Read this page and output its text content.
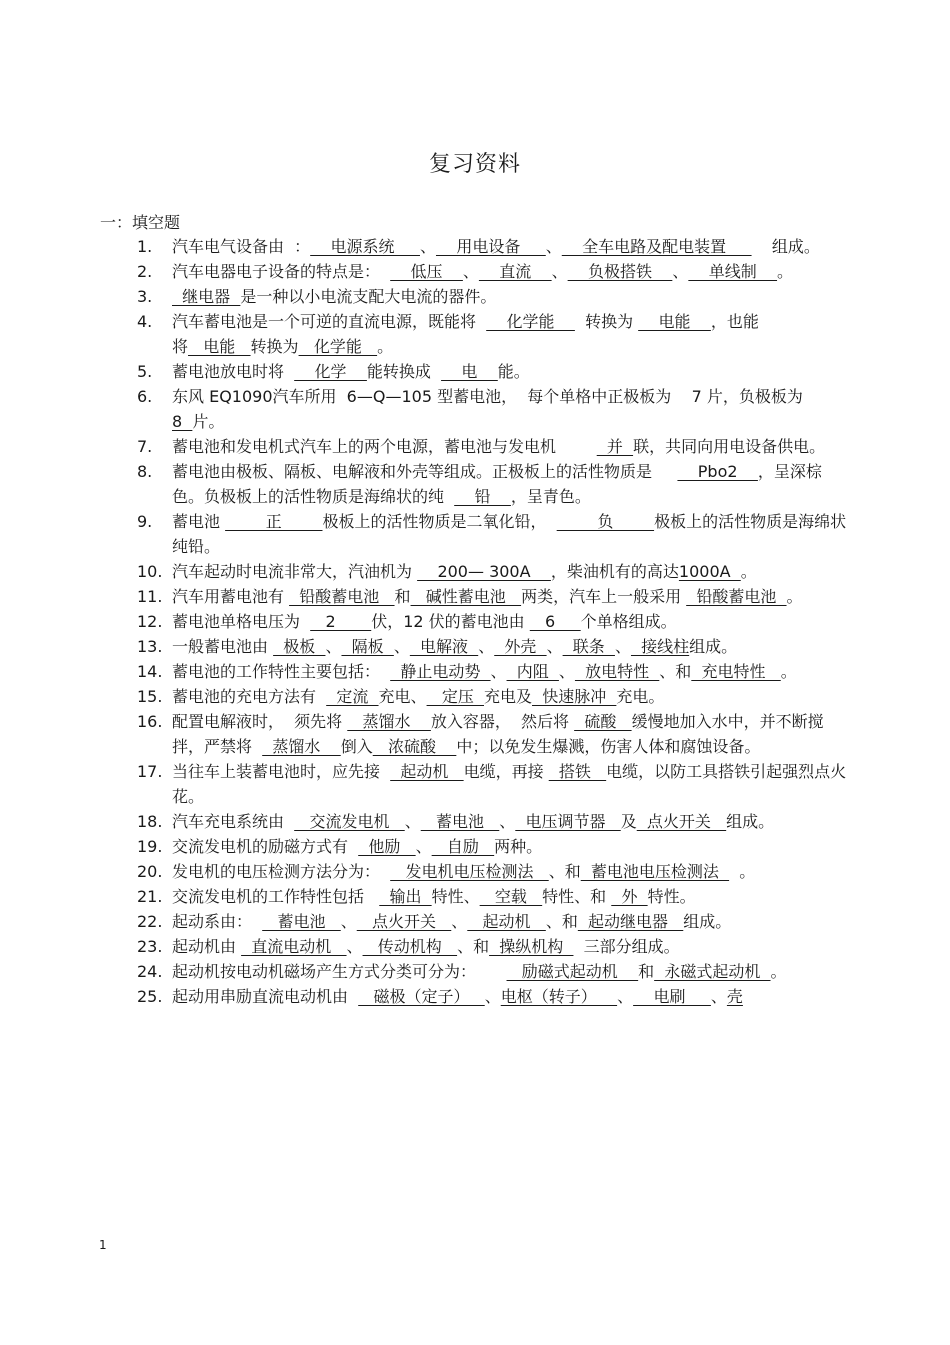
复习资料
一：填空题
1.	汽车电气设备由  ：    电源系统     、    用电设备     、    全车电路及配电装置         组成。
2.	汽车电器电子设备的特点是：      低压    、    直流    、    负极搭铁    、    单线制    。
3.	继电器  是一种以小电流支配大电流的器件。
4.	汽车蓄电池是一个可逆的直流电源，既能将      化学能      转换为     电能    ，也能将   电能   转换为   化学能   。
5.	蓄电池放电时将      化学    能转换成      电    能。
6.	东风 EQ1090汽车所用  6—Q—105 型蓄电池，  每个单格中正极板为    7 片，负极板为 8  片。
7.	蓄电池和发电机式汽车上的两个电源，蓄电池与发电机          并  联，共同向用电设备供电。
8.	蓄电池由极板、隔板、电解液和外壳等组成。正极板上的活性物质是         Pbo2    ，呈深棕色。负极板上的活性物质是海绵状的纯      铅    ，呈青色。
9.	蓄电池         正        极板上的活性物质是二氧化铅，          负        极板上的活性物质是海绵状纯铅。
10. 汽车起动时电流非常大，汽油机为     200— 300A    ，柴油机有的高达1000A  。
11. 汽车用蓄电池有   铅酸蓄电池   和   碱性蓄电池   两类，汽车上一般采用   铅酸蓄电池  。
12. 蓄电池单格电压为     2       伏，12 伏的蓄电池由    6     个单格组成。
13. 一般蓄电池由   极板  、  隔板  、  电解液  、  外壳  、  联条  、  接线柱组成。
14. 蓄电池的工作特性主要包括：    静止电动势  、  内阻  、  放电特性  、和  充电特性   。
15. 蓄电池的充电方法有    定流  充电、   定压  充电及  快速脉冲  充电。
16. 配置电解液时，  须先将    蒸馏水    放入容器，  然后将   硫酸   缓慢地加入水中，并不断搅拌，严禁将    蒸馏水    倒入   浓硫酸    中；以免发生爆溅，伤害人体和腐蚀设备。
17. 当往车上装蓄电池时，应先接    起动机   电缆，再接   搭铁   电缆，以防工具搭铁引起强烈点火花。
18. 汽车充电系统由     交流发电机   、   蓄电池   、  电压调节器   及  点火开关   组成。
19. 交流发电机的励磁方式有    他励   、   自励   两种。
20. 发电机的电压检测方法分为：     发电机电压检测法   、和  蓄电池电压检测法    。
21. 交流发电机的工作特性包括     输出  特性、   空载   特性、和   外  特性。
22. 起动系由：     蓄电池   、   点火开关   、   起动机   、和  起动继电器   组成。
23. 起动机由   直流电动机   、   传动机构   、和  操纵机构    三部分组成。
24. 起动机按电动机磁场产生方式分类可分为：         励磁式起动机    和  永磁式起动机  。
25. 起动用串励直流电动机由     磁极（定子）   、电枢（转子）    、    电刷     、壳
1
